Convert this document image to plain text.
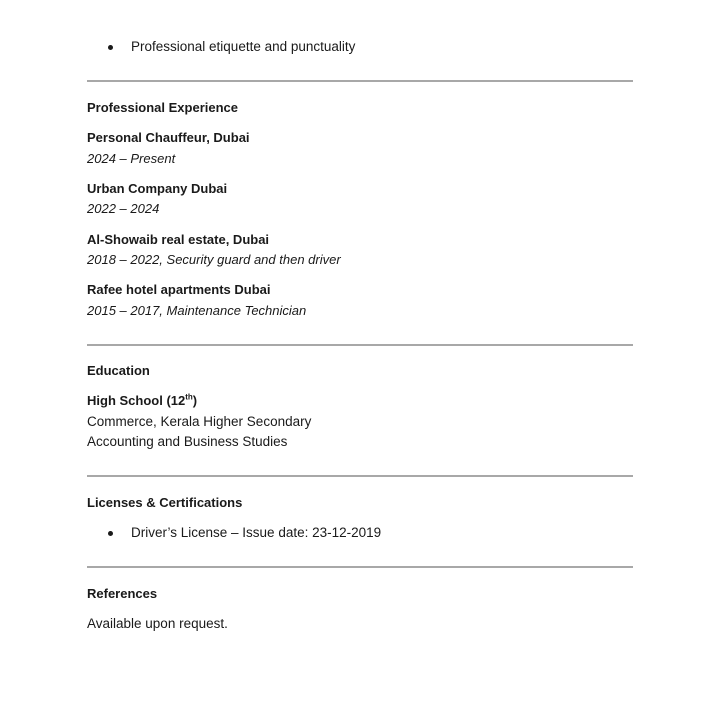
Professional etiquette and punctuality
Professional Experience
Personal Chauffeur, Dubai
2024 – Present
Urban Company Dubai
2022 – 2024
Al-Showaib real estate, Dubai
2018 – 2022, Security guard and then driver
Rafee hotel apartments Dubai
2015 – 2017, Maintenance Technician
Education
High School (12th)
Commerce, Kerala Higher Secondary
Accounting and Business Studies
Licenses & Certifications
Driver’s License – Issue date: 23-12-2019
References
Available upon request.
